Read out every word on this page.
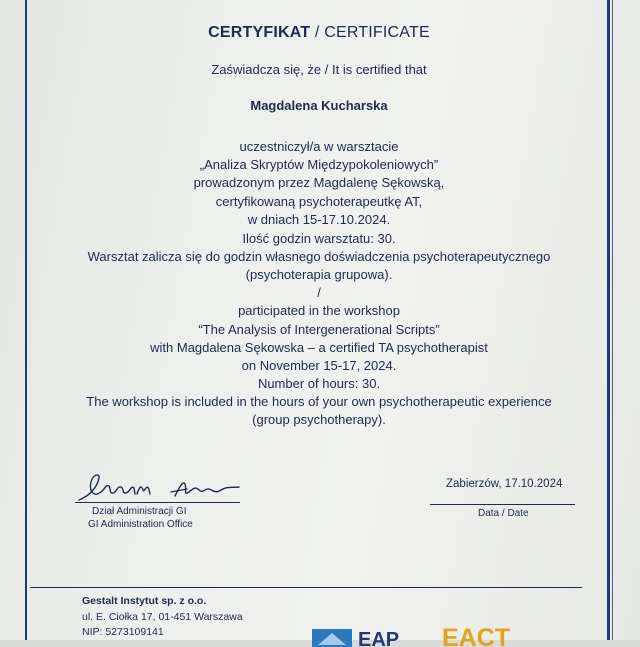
CERTYFIKAT / CERTIFICATE
Zaświadcza się, że / It is certified that
Magdalena Kucharska
uczestniczył/a w warsztacie
„Analiza Skryptów Międzypokoleniowych”
prowadzonym przez Magdalenę Sękowską,
certyfikowaną psychoterapeutkę AT,
w dniach 15-17.10.2024.
Ilość godzin warsztatu: 30.
Warsztat zalicza się do godzin własnego doświadczenia psychoterapeutycznego
(psychoterapia grupowa).
/
participated in the workshop
“The Analysis of Intergenerational Scripts”
with Magdalena Sękowska – a certified TA psychotherapist
on November 15-17, 2024.
Number of hours: 30.
The workshop is included in the hours of your own psychotherapeutic experience
(group psychotherapy).
Dział Administracji GI
GI Administration Office
Zabierzów, 17.10.2024
Data / Date
Gestalt Instytut sp. z o.o.
ul. E. Ciołka 17, 01-451 Warszawa
NIP: 5273109141	EAP EACT
